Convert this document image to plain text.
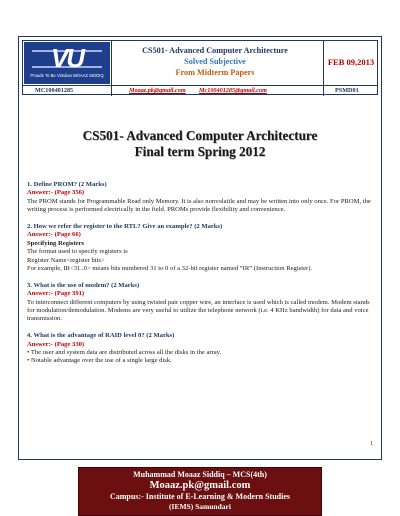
VU
Proude To Be Virtulian MOAAZ SIDDIQ
CS501- Advanced Computer Architecture
Solved Subjective
From Midterm Papers
FEB 09,2013
MC100401285	Moaaz.pk@gmail.com Mc100401285@gmail.com	PSMD01
CS501- Advanced Computer Architecture
Final term Spring 2012

1. Define PROM? (2 Marks)

Answer:- (Page 356)

The PROM stands for Programmable Read only Memory. It is also nonvolatile and may be written into only once. For PROM, the writing process is performed electrically in the field. PROMs provide flexibility and convenience.

2. How we refer the register to the RTL? Give an example? (2 Marks)

Answer:- (Page 66)

Specifying Registers

The format used to specify registers is

Register Name<register bits>

For example, IR<31..0> means bits numbered 31 to 0 of a 32-bit register named “IR” (Instruction Register).

3. What is the use of modem? (2 Marks)

Answer:- (Page 391)

To interconnect different computers by using twisted pair copper wire, an interface is used which is called modem. Modem stands for modulation/demodulation. Modems are very useful to utilize the telephone network (i.e. 4 KHz bandwidth) for data and voice transmission.

4. What is the advantage of RAID level 0? (2 Marks)

Answer:- (Page 330)

• The user and system data are distributed across all the disks in the array.

• Notable advantage over the use of a single large disk.

1
Muhammad Moaaz Siddiq – MCS(4th)
Moaaz.pk@gmail.com
Campus:- Institute of E-Learning & Modern Studies
(IEMS) Samundari
